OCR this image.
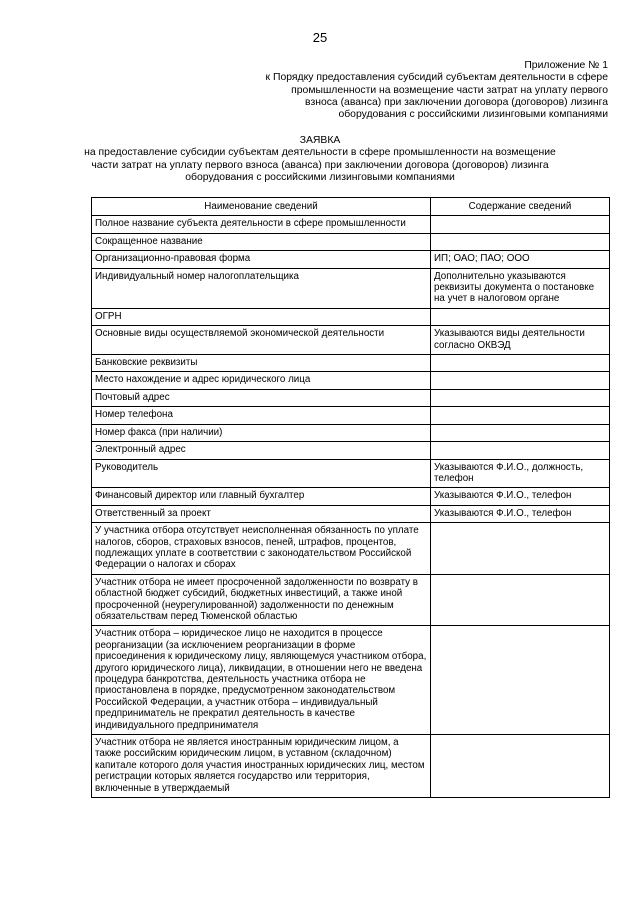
25
Приложение № 1
к Порядку предоставления субсидий субъектам деятельности в сфере
промышленности на возмещение части затрат на уплату первого
взноса (аванса) при заключении договора (договоров) лизинга
оборудования с российскими лизинговыми компаниями
ЗАЯВКА
на предоставление субсидии субъектам деятельности в сфере промышленности на возмещение
части затрат на уплату первого взноса (аванса) при заключении договора (договоров) лизинга
оборудования с российскими лизинговыми компаниями
Наименование сведений	Содержание сведений
Полное название субъекта деятельности в сфере промышленности	
Сокращенное название	
Организационно-правовая форма	ИП; ОАО; ПАО; ООО
Индивидуальный номер налогоплательщика	Дополнительно указываются реквизиты документа о постановке на учет в налоговом органе
ОГРН	
Основные виды осуществляемой экономической деятельности	Указываются виды деятельности согласно ОКВЭД
Банковские реквизиты	
Место нахождение и адрес юридического лица	
Почтовый адрес	
Номер телефона	
Номер факса (при наличии)	
Электронный адрес	
Руководитель	Указываются Ф.И.О., должность, телефон
Финансовый директор или главный бухгалтер	Указываются Ф.И.О., телефон
Ответственный за проект	Указываются Ф.И.О., телефон
У участника отбора отсутствует неисполненная обязанность по уплате налогов, сборов, страховых взносов, пеней, штрафов, процентов, подлежащих уплате в соответствии с законодательством Российской Федерации о налогах и сборах	
Участник отбора не имеет просроченной задолженности по возврату в областной бюджет субсидий, бюджетных инвестиций, а также иной просроченной (неурегулированной) задолженности по денежным обязательствам перед Тюменской областью	
Участник отбора – юридическое лицо не находится в процессе реорганизации (за исключением реорганизации в форме присоединения к юридическому лицу, являющемуся участником отбора, другого юридического лица), ликвидации, в отношении него не введена процедура банкротства, деятельность участника отбора не приостановлена в порядке, предусмотренном законодательством Российской Федерации, а участник отбора – индивидуальный предприниматель не прекратил деятельность в качестве индивидуального предпринимателя	
Участник отбора не является иностранным юридическим лицом, а также российским юридическим лицом, в уставном (складочном) капитале которого доля участия иностранных юридических лиц, местом регистрации которых является государство или территория, включенные в утверждаемый	
